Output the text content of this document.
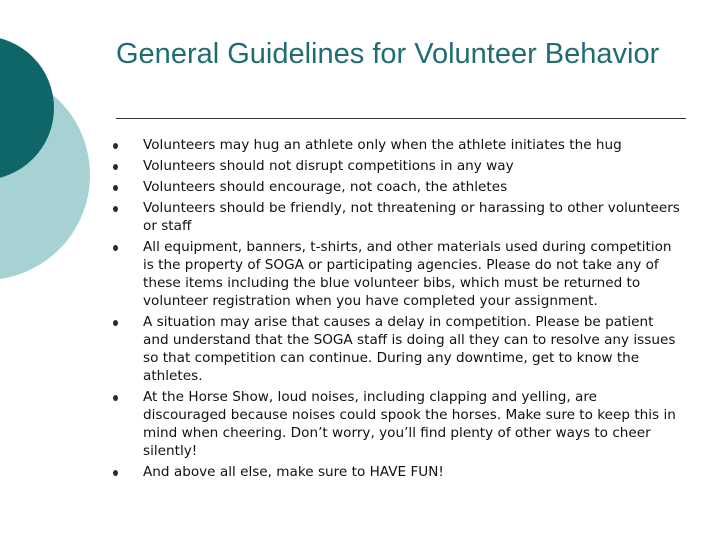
General Guidelines for Volunteer Behavior
Volunteers may hug an athlete only when the athlete initiates the hug
Volunteers should not disrupt competitions in any way
Volunteers should encourage, not coach, the athletes
Volunteers should be friendly, not threatening or harassing to other volunteers or staff
All equipment, banners, t-shirts, and other materials used during competition is the property of SOGA or participating agencies. Please do not take any of these items including the blue volunteer bibs, which must be returned to volunteer registration when you have completed your assignment.
A situation may arise that causes a delay in competition. Please be patient and understand that the SOGA staff is doing all they can to resolve any issues so that competition can continue. During any downtime, get to know the athletes.
At the Horse Show, loud noises, including clapping and yelling, are discouraged because noises could spook the horses. Make sure to keep this in mind when cheering. Don’t worry, you’ll find plenty of other ways to cheer silently!
And above all else, make sure to HAVE FUN!
